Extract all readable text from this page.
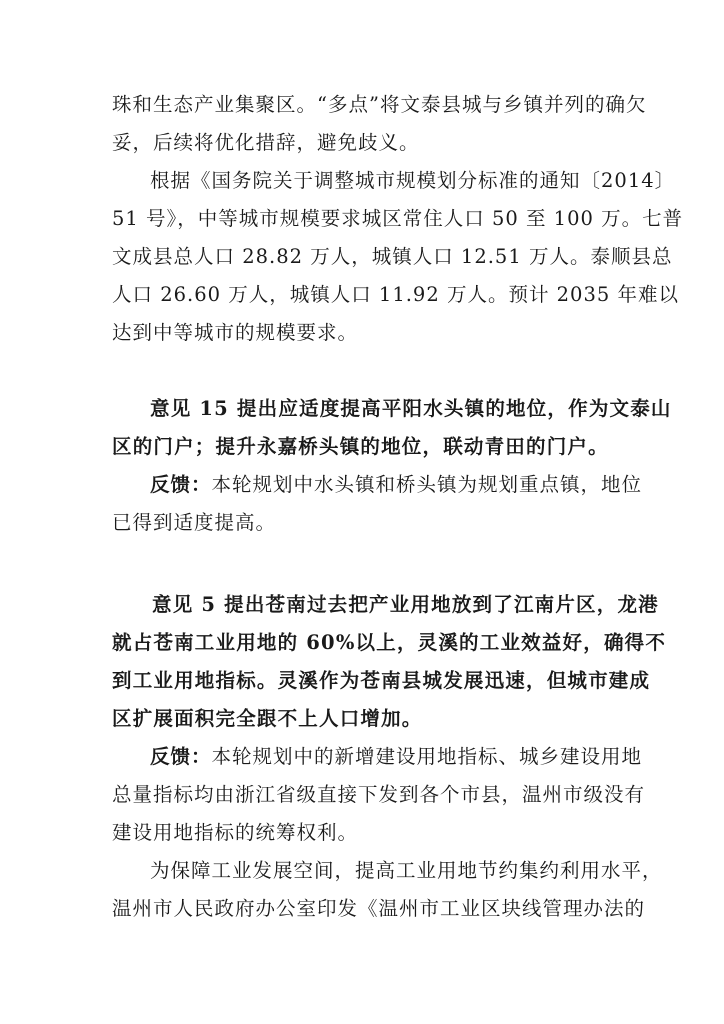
珠和生态产业集聚区。“多点”将文泰县城与乡镇并列的确欠

妥，后续将优化措辞，避免歧义。

根据《国务院关于调整城市规模划分标准的通知〔2014〕

51 号》，中等城市规模要求城区常住人口 50 至 100 万。七普

文成县总人口 28.82 万人，城镇人口 12.51 万人。泰顺县总

人口 26.60 万人，城镇人口 11.92 万人。预计 2035 年难以

达到中等城市的规模要求。

意见 15 提出应适度提高平阳水头镇的地位，作为文泰山

区的门户；提升永嘉桥头镇的地位，联动青田的门户。

反馈：本轮规划中水头镇和桥头镇为规划重点镇，地位

已得到适度提高。

意见 5 提出苍南过去把产业用地放到了江南片区，龙港

就占苍南工业用地的 60%以上，灵溪的工业效益好，确得不

到工业用地指标。灵溪作为苍南县城发展迅速，但城市建成

区扩展面积完全跟不上人口增加。

反馈：本轮规划中的新增建设用地指标、城乡建设用地

总量指标均由浙江省级直接下发到各个市县，温州市级没有

建设用地指标的统筹权利。

为保障工业发展空间，提高工业用地节约集约利用水平，

温州市人民政府办公室印发《温州市工业区块线管理办法的
